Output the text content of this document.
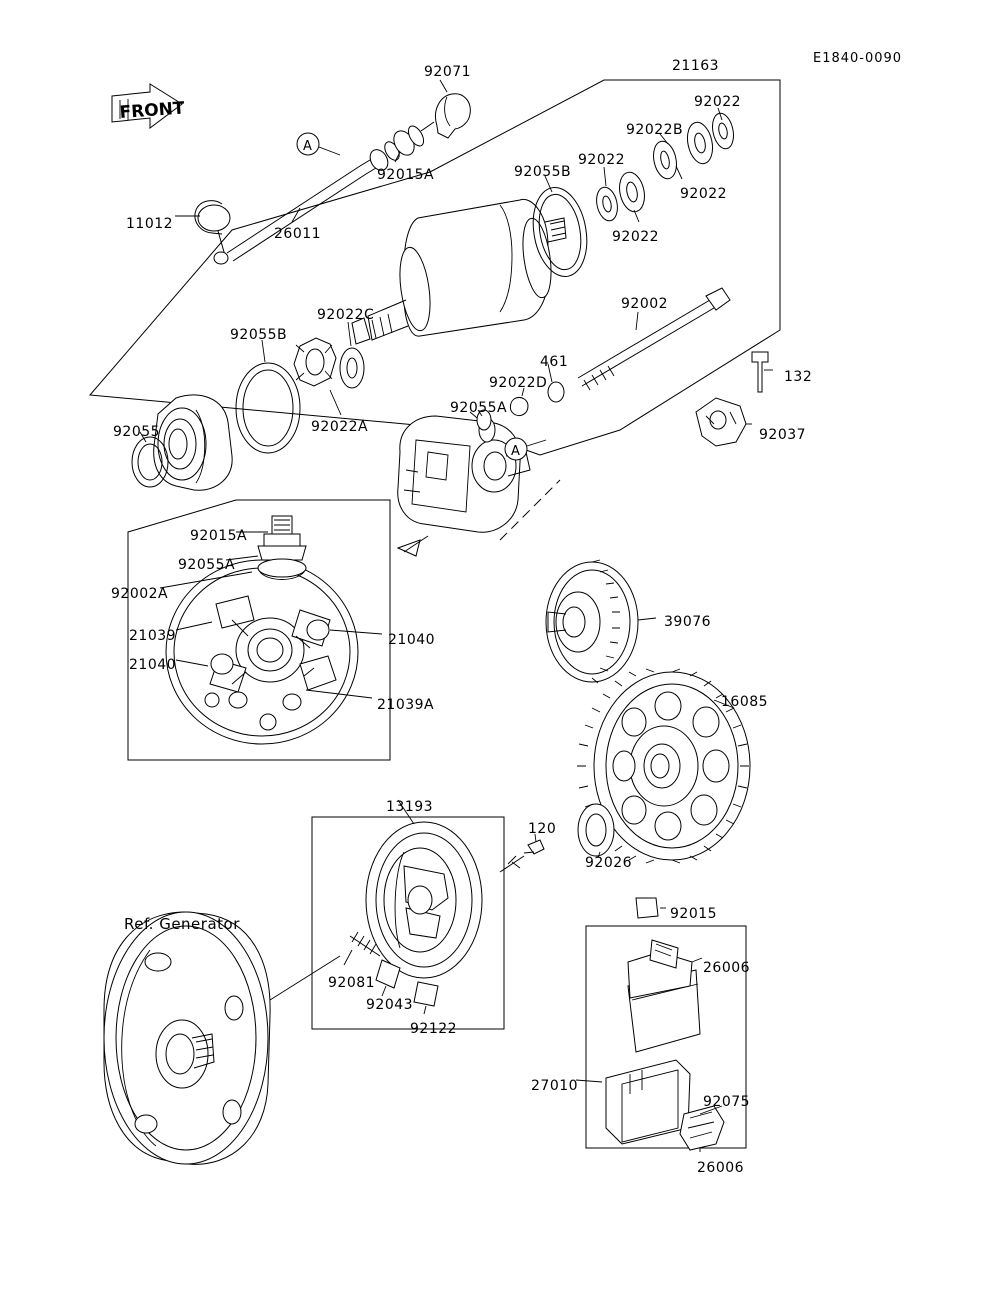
FRONT
A
A
E1840-0090
Ref. Generator
92071	21163
92022
92022B
92022
92055B
92022
92022
92015A
11012
26011
92022C
92055B
92002
461
132
92022D
92055A
92022A
92055	92037
92015A
92055A
92002A
21039	21040
21040
21039A
39076
16085
92026
13193
120
92081
92043
92122
92015
26006
27010
92075
26006
